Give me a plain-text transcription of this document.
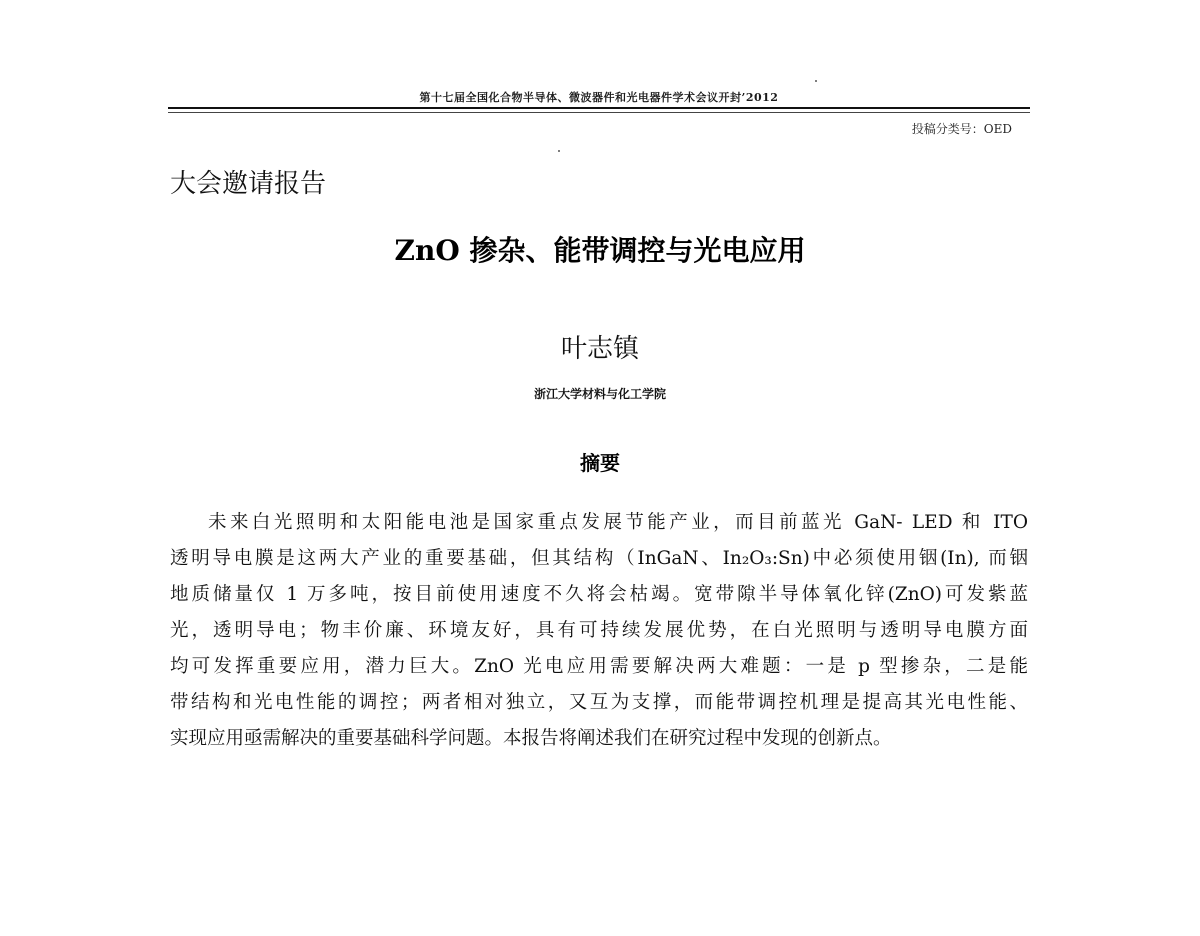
第十七届全国化合物半导体、微波器件和光电器件学术会议开封’2012
投稿分类号：OED
大会邀请报告
ZnO 掺杂、能带调控与光电应用
叶志镇
浙江大学材料与化工学院
摘要
未来白光照明和太阳能电池是国家重点发展节能产业，而目前蓝光 GaN- LED 和 ITO
透明导电膜是这两大产业的重要基础，但其结构（InGaN、In₂O₃:Sn)中必须使用铟(In), 而铟
地质储量仅 1 万多吨，按目前使用速度不久将会枯竭。宽带隙半导体氧化锌(ZnO)可发紫蓝
光，透明导电；物丰价廉、环境友好，具有可持续发展优势，在白光照明与透明导电膜方面
均可发挥重要应用，潜力巨大。ZnO 光电应用需要解决两大难题：一是 p 型掺杂，二是能
带结构和光电性能的调控；两者相对独立，又互为支撑，而能带调控机理是提高其光电性能、
实现应用亟需解决的重要基础科学问题。本报告将阐述我们在研究过程中发现的创新点。
